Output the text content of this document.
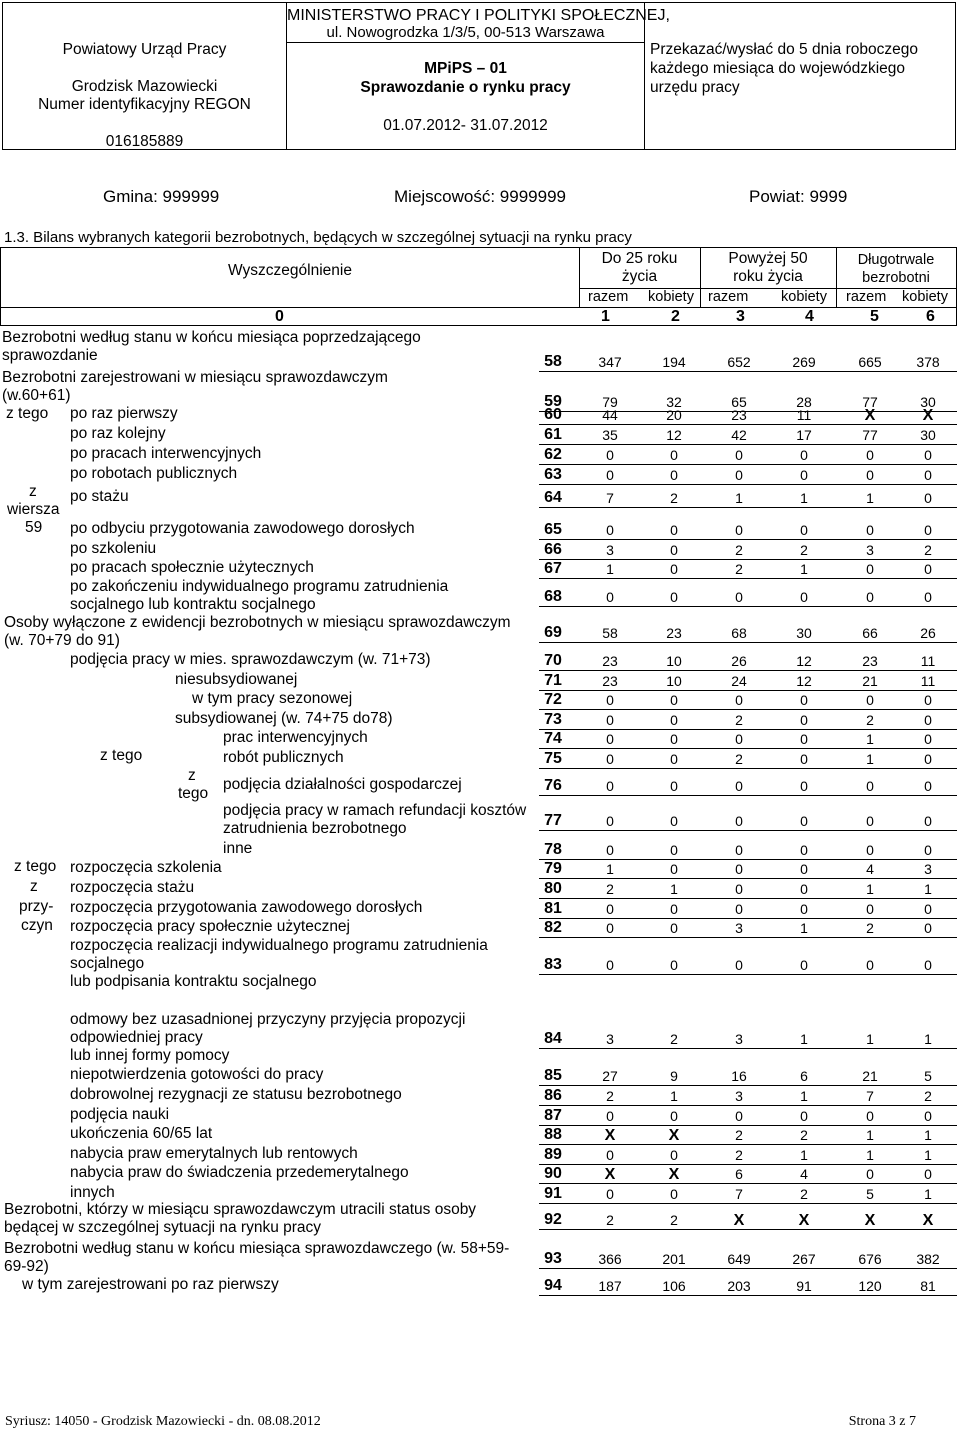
Powiatowy Urząd Pracy
Grodzisk Mazowiecki
Numer identyfikacyjny REGON
016185889
MINISTERSTWO PRACY I POLITYKI SPOŁECZNEJ,
ul. Nowogrodzka 1/3/5, 00-513 Warszawa
MPiPS – 01
Sprawozdanie o rynku pracy
01.07.2012- 31.07.2012
Przekazać/wysłać do 5 dnia roboczego
każdego miesiąca do wojewódzkiego
urzędu pracy
Gmina: 999999	Miejscowość: 9999999	Powiat: 9999
1.3. Bilans wybranych kategorii bezrobotnych, będących w szczególnej sytuacji na rynku pracy
Wyszczególnienie
Do 25 roku
życia
Powyżej 50
roku życia
Długotrwale
bezrobotni
razem kobiety razem kobiety razem kobiety
0	1	2	3	4	5	6
z tego
z
wiersza
59
z tego
z
tego
z tego
z
przy-
czyn
Bezrobotni według stanu w końcu miesiąca poprzedzającego
sprawozdanie	58	347	194	652	269	665	378
Bezrobotni zarejestrowani w miesiącu sprawozdawczym
(w.60+61)	59	79	32	65	28	77	30
po raz pierwszy	60	44	20	23	11	X	X
po raz kolejny	61	35	12	42	17	77	30
po pracach interwencyjnych	62	0	0	0	0	0	0
po robotach publicznych	63	0	0	0	0	0	0
po stażu	64	7	2	1	1	1	0
po odbyciu przygotowania zawodowego dorosłych	65	0	0	0	0	0	0
po szkoleniu	66	3	0	2	2	3	2
po pracach społecznie użytecznych	67	1	0	2	1	0	0
po zakończeniu indywidualnego programu zatrudnienia
socjalnego lub kontraktu socjalnego	68	0	0	0	0	0	0
Osoby wyłączone z ewidencji bezrobotnych w miesiącu sprawozdawczym
(w. 70+79 do 91)	69	58	23	68	30	66	26
podjęcia pracy w mies. sprawozdawczym (w. 71+73)	70	23	10	26	12	23	11
niesubsydiowanej	71	23	10	24	12	21	11
w tym pracy sezonowej	72	0	0	0	0	0	0
subsydiowanej (w. 74+75 do78)	73	0	0	2	0	2	0
prac interwencyjnych	74	0	0	0	0	1	0
robót publicznych	75	0	0	2	0	1	0
podjęcia działalności gospodarczej	76	0	0	0	0	0	0
podjęcia pracy w ramach refundacji kosztów
zatrudnienia bezrobotnego	77	0	0	0	0	0	0
inne	78	0	0	0	0	0	0
rozpoczęcia szkolenia	79	1	0	0	0	4	3
rozpoczęcia stażu	80	2	1	0	0	1	1
rozpoczęcia przygotowania zawodowego dorosłych	81	0	0	0	0	0	0
rozpoczęcia pracy społecznie użytecznej	82	0	0	3	1	2	0
rozpoczęcia realizacji indywidualnego programu zatrudnienia
socjalnego
lub podpisania kontraktu socjalnego
83	0	0	0	0	0	0
odmowy bez uzasadnionej przyczyny przyjęcia propozycji
odpowiedniej pracy
lub innej formy pomocy
84	3	2	3	1	1	1
niepotwierdzenia gotowości do pracy	85	27	9	16	6	21	5
dobrowolnej rezygnacji ze statusu bezrobotnego	86	2	1	3	1	7	2
podjęcia nauki	87	0	0	0	0	0	0
ukończenia 60/65 lat	88	X	X	2	2	1	1
nabycia praw emerytalnych lub rentowych	89	0	0	2	1	1	1
nabycia praw do świadczenia przedemerytalnego	90	X	X	6	4	0	0
innych	91	0	0	7	2	5	1
Bezrobotni, którzy w miesiącu sprawozdawczym utracili status osoby
będącej w szczególnej sytuacji na rynku pracy	92	2	2	X	X	X	X
Bezrobotni według stanu w końcu miesiąca sprawozdawczego (w. 58+59-
69-92)	93	366	201	649	267	676	382
w tym zarejestrowani po raz pierwszy	94	187	106	203	91	120	81
Syriusz: 14050 - Grodzisk Mazowiecki - dn. 08.08.2012	Strona 3 z 7
